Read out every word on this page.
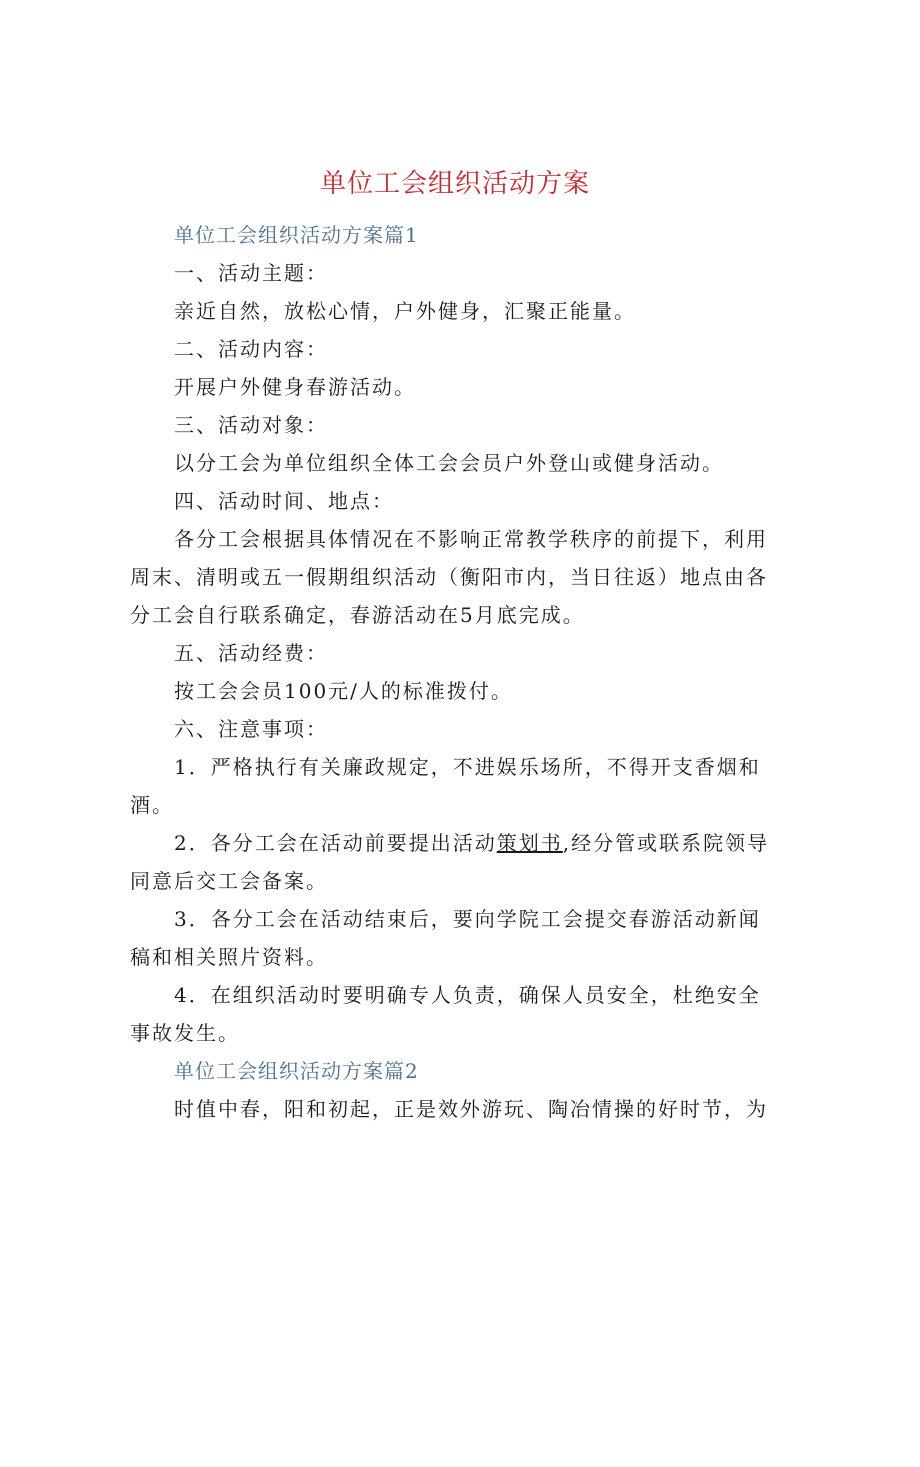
单位工会组织活动方案
单位工会组织活动方案篇1
一、活动主题：
亲近自然，放松心情，户外健身，汇聚正能量。
二、活动内容：
开展户外健身春游活动。
三、活动对象：
以分工会为单位组织全体工会会员户外登山或健身活动。
四、活动时间、地点：
各分工会根据具体情况在不影响正常教学秩序的前提下，利用周末、清明或五一假期组织活动（衡阳市内，当日往返）地点由各分工会自行联系确定，春游活动在5月底完成。
五、活动经费：
按工会会员100元/人的标准拨付。
六、注意事项：
1．严格执行有关廉政规定，不进娱乐场所，不得开支香烟和酒。
2．各分工会在活动前要提出活动策划书,经分管或联系院领导同意后交工会备案。
3．各分工会在活动结束后，要向学院工会提交春游活动新闻稿和相关照片资料。
4．在组织活动时要明确专人负责，确保人员安全，杜绝安全事故发生。
单位工会组织活动方案篇2
时值中春，阳和初起，正是效外游玩、陶冶情操的好时节，为
